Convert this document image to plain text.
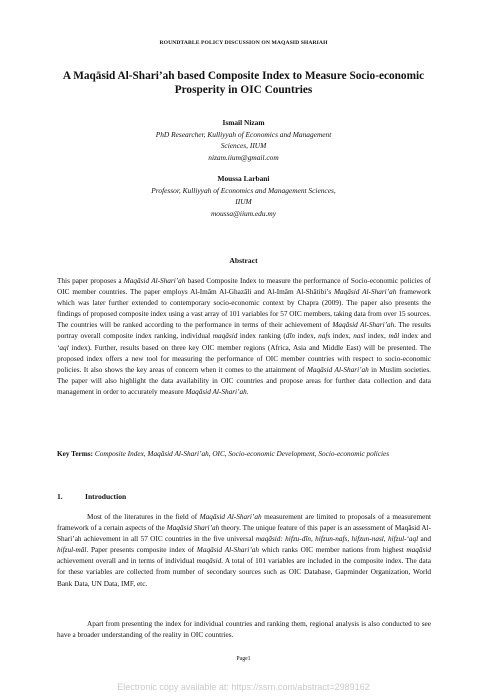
ROUNDTABLE POLICY DISCUSSION ON MAQASID SHARIAH
A Maqāsid Al-Shari’ah based Composite Index to Measure Socio-economic Prosperity in OIC Countries
Ismail Nizam
PhD Researcher, Kulliyyah of Economics and Management Sciences, IIUM
nizam.iium@gmail.com
Moussa Larbani
Professor, Kulliyyah of Economics and Management Sciences, IIUM
moussa@iium.edu.my
Abstract

This paper proposes a Maqāsid Al-Shari’ah based Composite Index to measure the performance of Socio-economic policies of OIC member countries. The paper employs Al-Imām Al-Ghazāli and Al-Imām Al-Shātibi’s Maqāsid Al-Shari’ah framework which was later further extended to contemporary socio-economic context by Chapra (2009). The paper also presents the findings of proposed composite index using a vast array of 101 variables for 57 OIC members, taking data from over 15 sources. The countries will be ranked according to the performance in terms of their achievement of Maqāsid Al-Shari’ah. The results portray overall composite index ranking, individual maqāsid index ranking (dīn index, nafs index, nasl index, māl index and ‘aql index). Further, results based on three key OIC member regions (Africa, Asia and Middle East) will be presented. The proposed index offers a new tool for measuring the performance of OIC member countries with respect to socio-economic policies. It also shows the key areas of concern when it comes to the attainment of Maqāsid Al-Shari’ah in Muslim societies. The paper will also highlight the data availability in OIC countries and propose areas for further data collection and data management in order to accurately measure Maqāsid Al-Shari’ah.

Key Terms: Composite Index, Maqāsid Al-Shari’ah, OIC, Socio-economic Development, Socio-economic policies

1.	Introduction

Most of the literatures in the field of Maqāsid Al-Shari’ah measurement are limited to proposals of a measurement framework of a certain aspects of the Maqāsid Shari’ah theory. The unique feature of this paper is an assessment of Maqāsid Al-Shari’ah achievement in all 57 OIC countries in the five universal maqāsid: hifzu-dīn, hifzun-nafs, hifzun-nasl, hifzul-‘aql and hifzul-māl. Paper presents composite index of Maqāsid Al-Shari’ah which ranks OIC member nations from highest maqāsid achievement overall and in terms of individual maqāsid. A total of 101 variables are included in the composite index. The data for these variables are collected from number of secondary sources such as OIC Database, Gapminder Organization, World Bank Data, UN Data, IMF, etc.

Apart from presenting the index for individual countries and ranking them, regional analysis is also conducted to see have a broader understanding of the reality in OIC countries.

Page1
Electronic copy available at: https://ssrn.com/abstract=2989162
